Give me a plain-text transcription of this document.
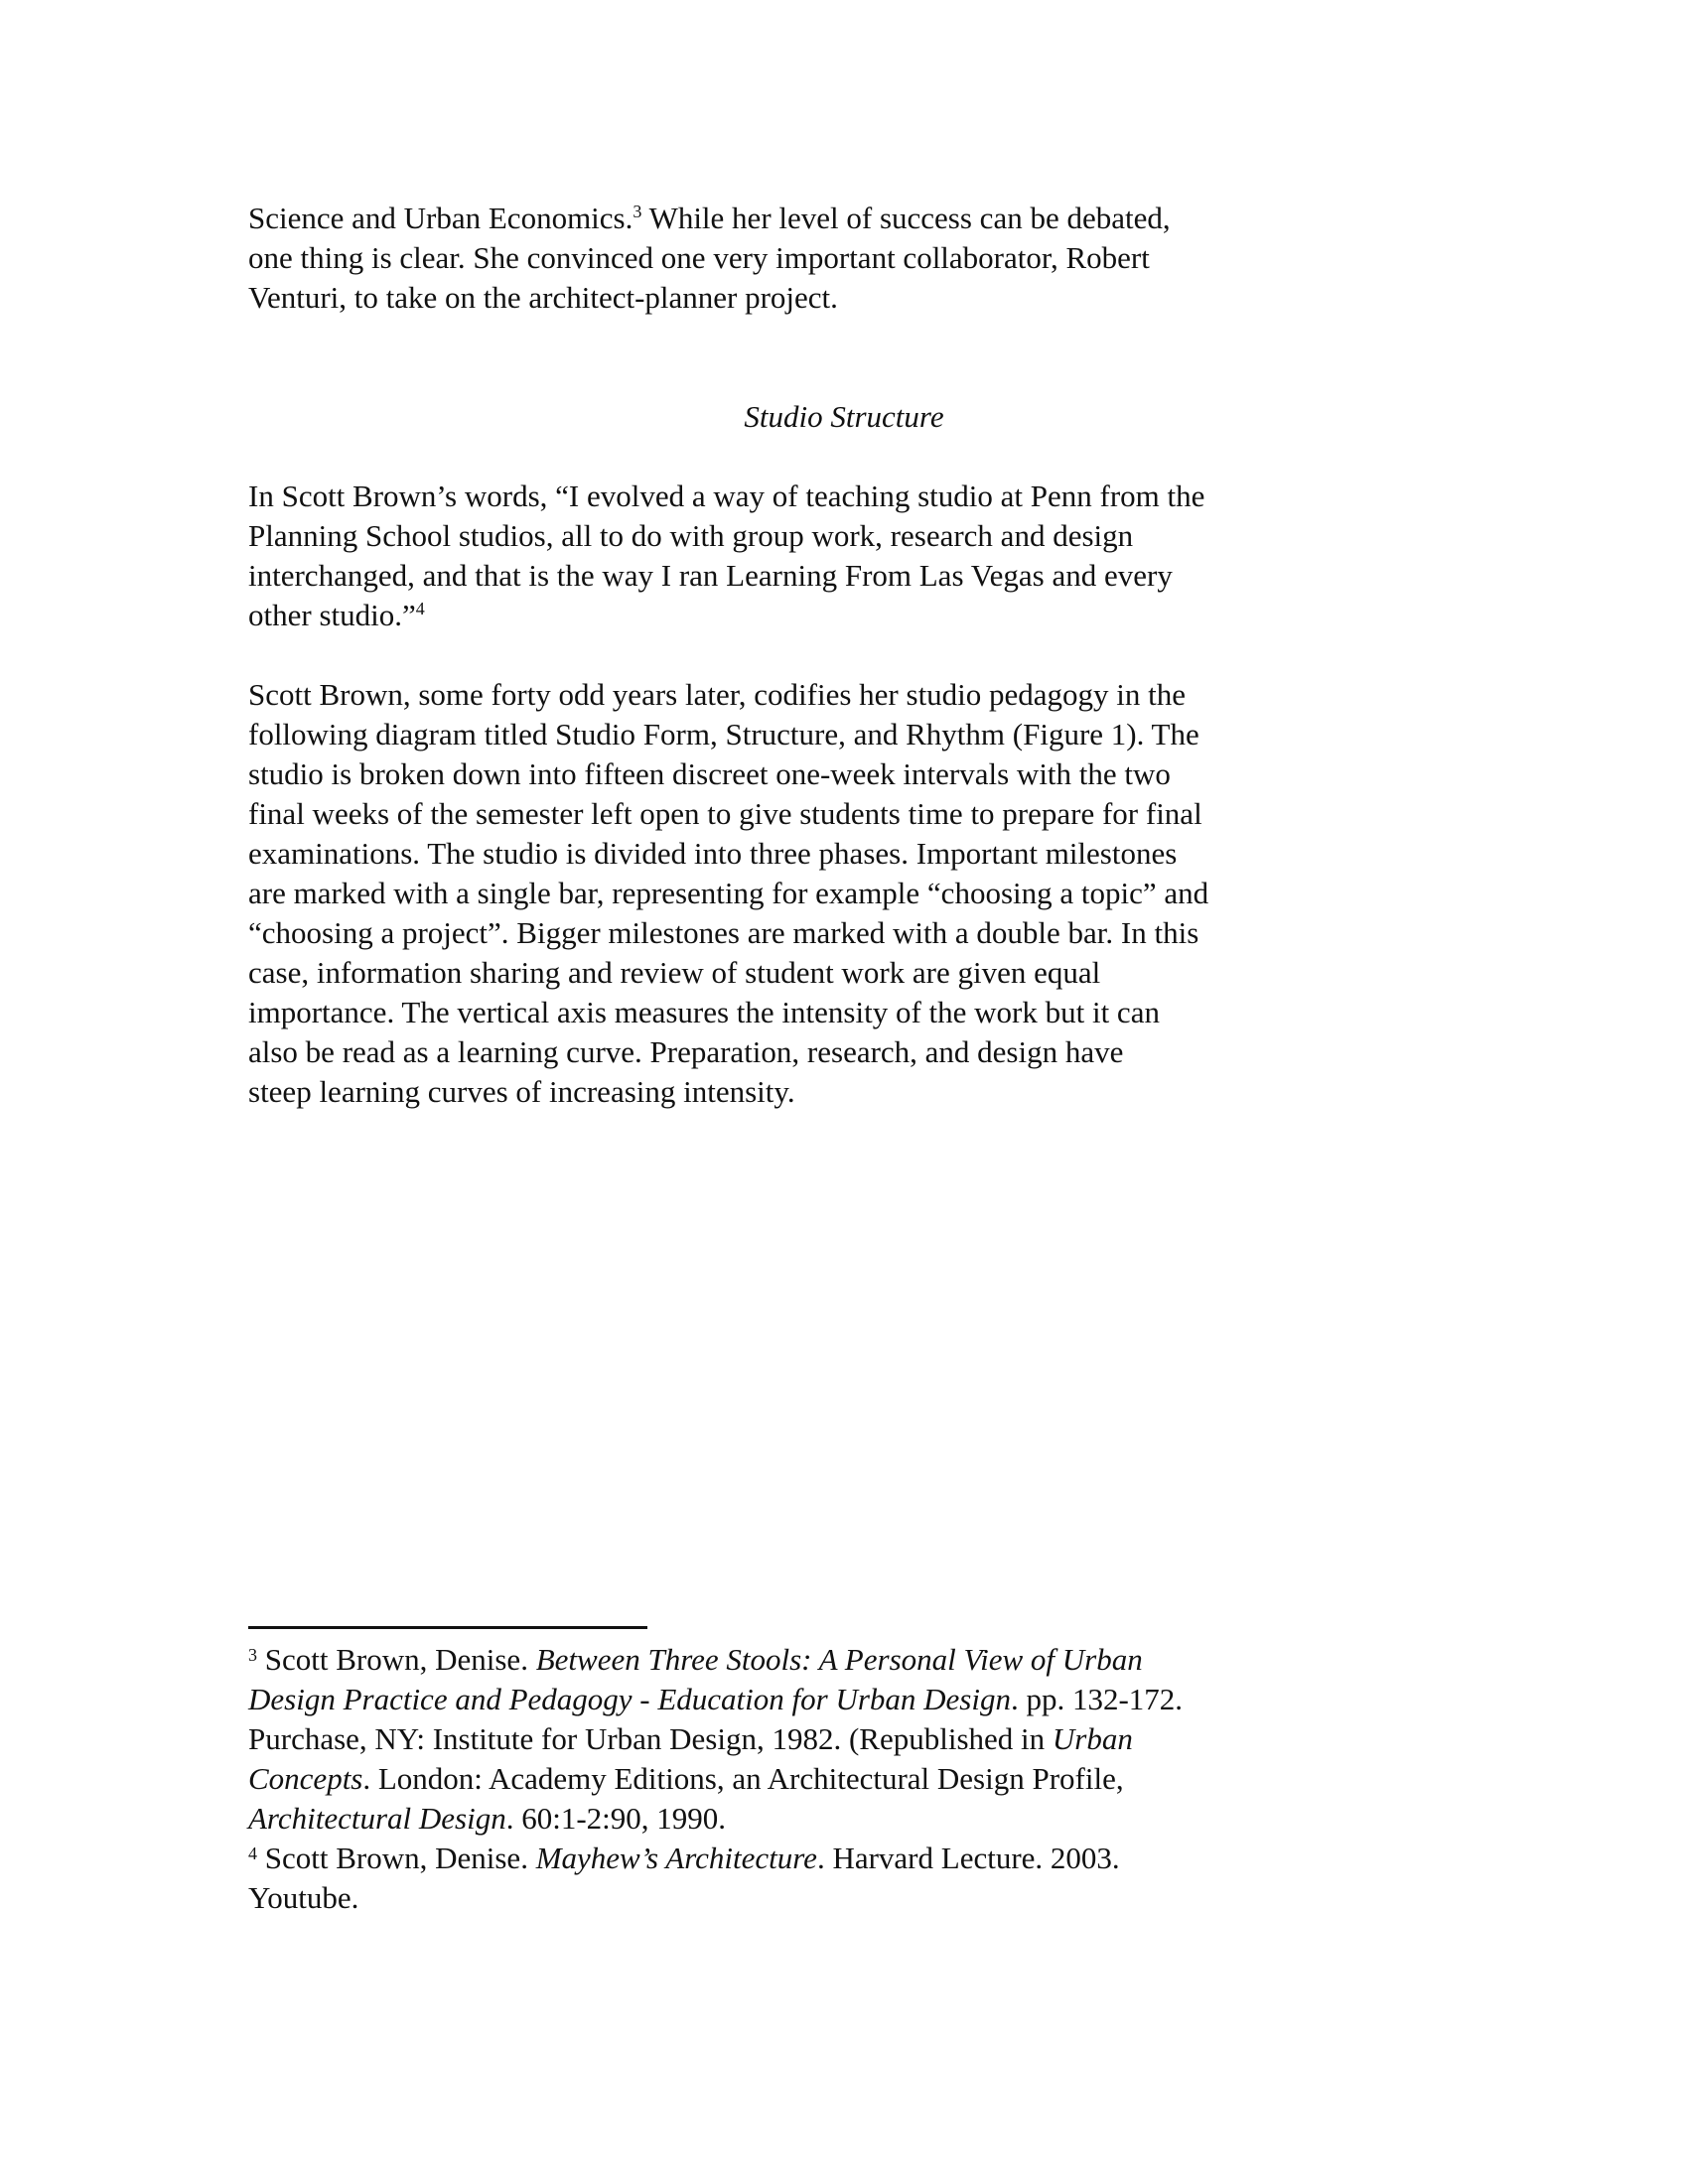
Science and Urban Economics.$^3$ While her level of success can be debated,
one thing is clear. She convinced one very important collaborator, Robert
Venturi, to take on the architect-planner project.
Studio Structure
In Scott Brown’s words, “I evolved a way of teaching studio at Penn from the
Planning School studios, all to do with group work, research and design
interchanged, and that is the way I ran Learning From Las Vegas and every
other studio.”$^4$
Scott Brown, some forty odd years later, codifies her studio pedagogy in the
following diagram titled Studio Form, Structure, and Rhythm (Figure 1). The
studio is broken down into fifteen discreet one-week intervals with the two
final weeks of the semester left open to give students time to prepare for final
examinations. The studio is divided into three phases. Important milestones
are marked with a single bar, representing for example “choosing a topic” and
“choosing a project”. Bigger milestones are marked with a double bar. In this
case, information sharing and review of student work are given equal
importance. The vertical axis measures the intensity of the work but it can
also be read as a learning curve. Preparation, research, and design have
steep learning curves of increasing intensity.
$^3$ Scott Brown, Denise. Between Three Stools: A Personal View of Urban
Design Practice and Pedagogy - Education for Urban Design. pp. 132-172.
Purchase, NY: Institute for Urban Design, 1982. (Republished in Urban
Concepts. London: Academy Editions, an Architectural Design Profile,
Architectural Design. 60:1-2:90, 1990.
$^4$ Scott Brown, Denise. Mayhew’s Architecture. Harvard Lecture. 2003.
Youtube.
